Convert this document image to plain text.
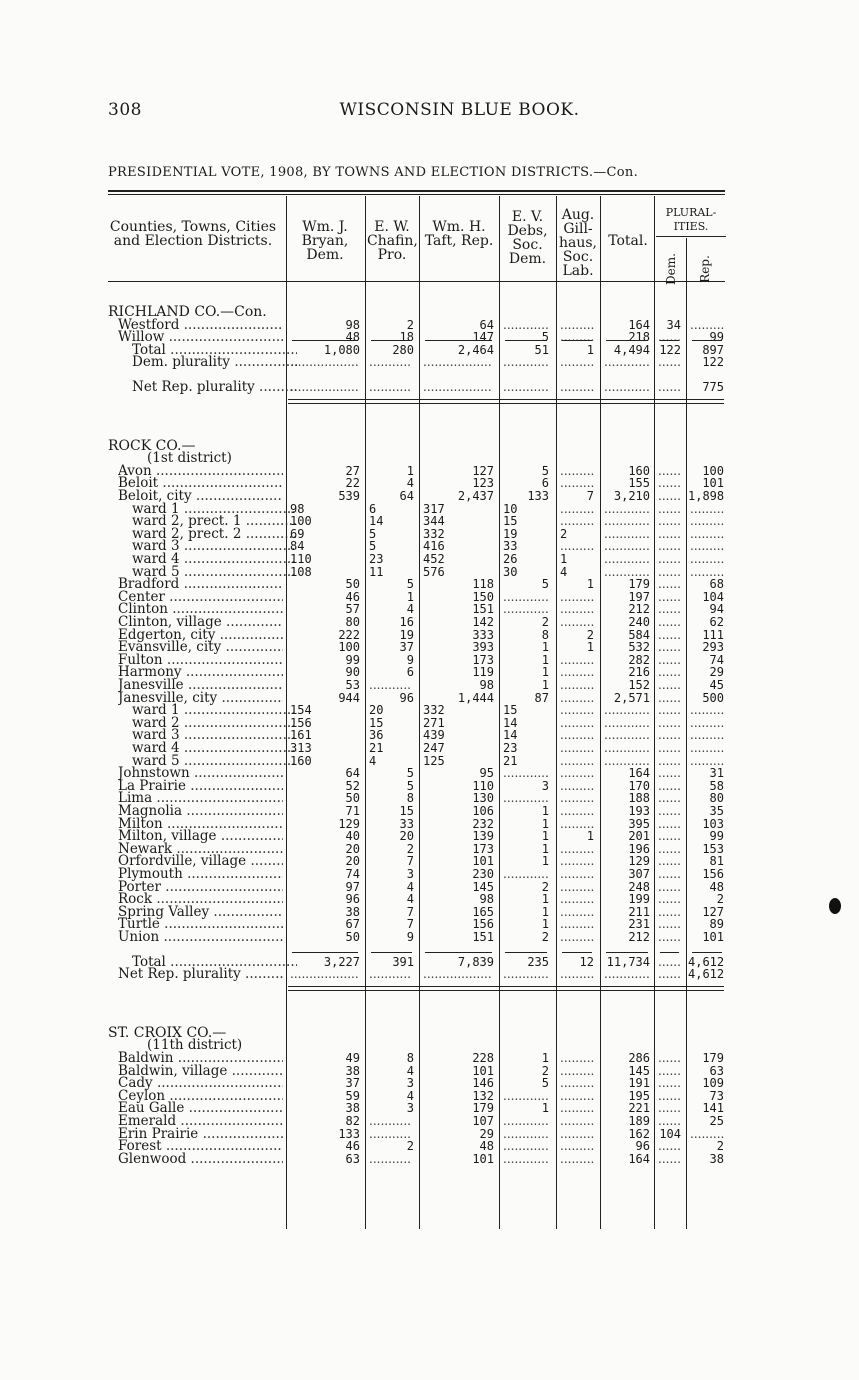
308	WISCONSIN BLUE BOOK.
PRESIDENTIAL VOTE, 1908, BY TOWNS AND ELECTION DISTRICTS.—Con.
Counties, Towns, Cities and Election Districts.
Wm. J. Bryan, Dem.
E. W. Chafin, Pro.
Wm. H. Taft, Rep.
E. V. Debs, Soc. Dem.
Aug. Gill-haus, Soc. Lab.
Total.
PLURAL-ITIES.
Dem. Rep.
RICHLAND CO.—Con.
Westford .....	98	2	64 ............ .........	164	34 .........
Willow .....	48	18	147	5 .........	218 ......	99
Total .....	1,080	280	2,464	51	1	4,494 122	897
Dem. plurality .....	.................. ........... .................. ............ ......... ............ ......	122
Net Rep. plurality .....	.................. ........... .................. ............ ......... ............ ......	775
ROCK CO.—
(1st district)
Avon .....	27	1	127	5 .........	160 ......	100
Beloit .....	22	4	123	6 .........	155 ......	101
Beloit, city .....	539	64	2,437	133	7	3,210 ...... 1,898
ward 1 .....	98	6	317	10	......... ............ ...... .........
ward 2, prect. 1 .....	100	14	344	15	......... ............ ...... .........
ward 2, prect. 2 .....	69	5	332	19	2	............ ...... .........
ward 3 .....	84	5	416	33	......... ............ ...... .........
ward 4 .....	110	23	452	26	1	............ ...... .........
ward 5 .....	108	11	576	30	4	............ ...... .........
Bradford .....	50	5	118	5	1	179 ......	68
Center .....	46	1	150 ............ .........	197 ......	104
Clinton .....	57	4	151 ............ .........	212 ......	94
Clinton, village .....	80	16	142	2 .........	240 ......	62
Edgerton, city .....	222	19	333	8	2	584 ......	111
Evansville, city .....	100	37	393	1	1	532 ......	293
Fulton .....	99	9	173	1 .........	282 ......	74
Harmony .....	90	6	119	1 .........	216 ......	29
Janesville .....	53 ...........	98	1 .........	152 ......	45
Janesville, city .....	944	96	1,444	87 .........	2,571 ......	500
ward 1 .....	154	20	332	15	......... ............ ...... .........
ward 2 .....	156	15	271	14	......... ............ ...... .........
ward 3 .....	161	36	439	14	......... ............ ...... .........
ward 4 .....	313	21	247	23	......... ............ ...... .........
ward 5 .....	160	4	125	21	......... ............ ...... .........
Johnstown .....	64	5	95 ............ .........	164 ......	31
La Prairie .....	52	5	110	3 .........	170 ......	58
Lima .....	50	8	130 ............ .........	188 ......	80
Magnolia .....	71	15	106	1 .........	193 ......	35
Milton .....	129	33	232	1 .........	395 ......	103
Milton, village .....	40	20	139	1	1	201 ......	99
Newark .....	20	2	173	1 .........	196 ......	153
Orfordville, village .....	20	7	101	1 .........	129 ......	81
Plymouth .....	74	3	230 ............ .........	307 ......	156
Porter .....	97	4	145	2 .........	248 ......	48
Rock .....	96	4	98	1 .........	199 ......	2
Spring Valley .....	38	7	165	1 .........	211 ......	127
Turtle .....	67	7	156	1 .........	231 ......	89
Union .....	50	9	151	2 .........	212 ......	101
Total .....	3,227	391	7,839	235	12	11,734 ...... 4,612
Net Rep. plurality .....	.................. ........... .................. ............ ......... ............ ...... 4,612
ST. CROIX CO.—
(11th district)
Baldwin .....	49	8	228	1 .........	286 ......	179
Baldwin, village .....	38	4	101	2 .........	145 ......	63
Cady .....	37	3	146	5 .........	191 ......	109
Ceylon .....	59	4	132 ............ .........	195 ......	73
Eau Galle .....	38	3	179	1 .........	221 ......	141
Emerald .....	82 ...........	107 ............ .........	189 ......	25
Erin Prairie .....	133 ...........	29 ............ .........	162 104 .........
Forest .....	46	2	48 ............ .........	96 ......	2
Glenwood .....	63 ...........	101 ............ .........	164 ......	38
